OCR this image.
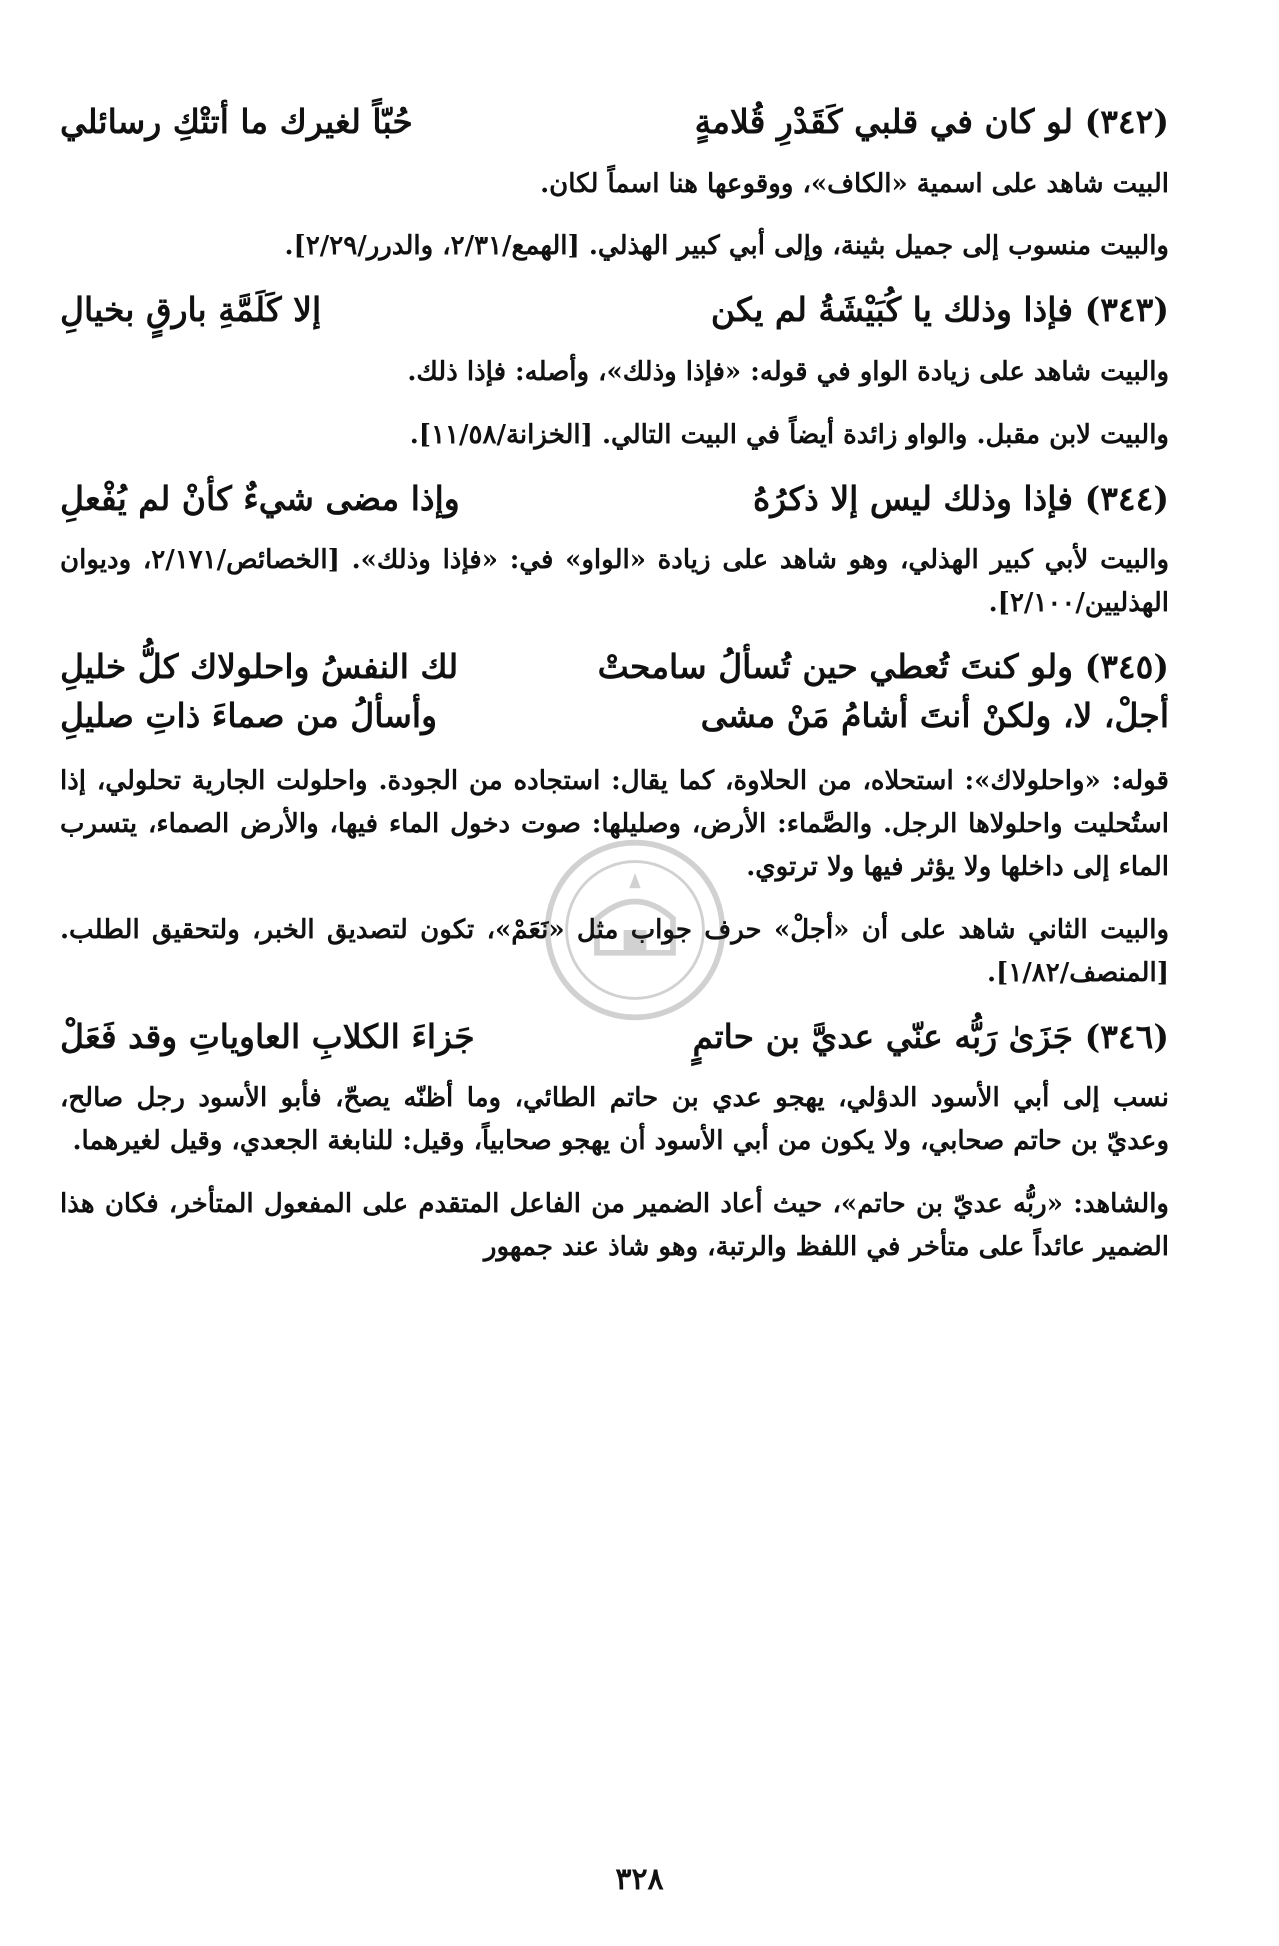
(٣٤٢) لو كان في قلبي كَقَدْرِ قُلامةٍ
حُبّاً لغيرك ما أتتْكِ رسائلي

البيت شاهد على اسمية «الكاف»، ووقوعها هنا اسماً لكان.

والبيت منسوب إلى جميل بثينة، وإلى أبي كبير الهذلي. [الهمع/٢/٣١، والدرر/٢/٢٩].

(٣٤٣) فإذا وذلك يا كُبَيْشَةُ لم يكن
إلا كَلَمَّةِ بارقٍ بخيالِ

والبيت شاهد على زيادة الواو في قوله: «فإذا وذلك»، وأصله: فإذا ذلك.

والبيت لابن مقبل. والواو زائدة أيضاً في البيت التالي. [الخزانة/١١/٥٨].

(٣٤٤) فإذا وذلك ليس إلا ذكرُهُ
وإذا مضى شيءٌ كأنْ لم يُفْعلِ

والبيت لأبي كبير الهذلي، وهو شاهد على زيادة «الواو» في: «فإذا وذلك». [الخصائص/٢/١٧١، وديوان الهذليين/٢/١٠٠].

(٣٤٥) ولو كنتَ تُعطي حين تُسألُ سامحتْ
لك النفسُ واحلولاك كلُّ خليلِ
أجلْ، لا، ولكنْ أنتَ أشامُ مَنْ مشى
وأسألُ من صماءَ ذاتِ صليلِ

قوله: «واحلولاك»: استحلاه، من الحلاوة، كما يقال: استجاده من الجودة. واحلولت الجارية تحلولي، إذا استُحليت واحلولاها الرجل. والصَّماء: الأرض، وصليلها: صوت دخول الماء فيها، والأرض الصماء، يتسرب الماء إلى داخلها ولا يؤثر فيها ولا ترتوي.

والبيت الثاني شاهد على أن «أجلْ» حرف جواب مثل «نَعَمْ»، تكون لتصديق الخبر، ولتحقيق الطلب. [المنصف/١/٨٢].

(٣٤٦) جَزَىٰ رَبُّه عنّي عديَّ بن حاتمٍ
جَزاءَ الكلابِ العاوياتِ وقد فَعَلْ

نسب إلى أبي الأسود الدؤلي، يهجو عدي بن حاتم الطائي، وما أظنّه يصحّ، فأبو الأسود رجل صالح، وعديّ بن حاتم صحابي، ولا يكون من أبي الأسود أن يهجو صحابياً، وقيل: للنابغة الجعدي، وقيل لغيرهما.

والشاهد: «ربُّه عديّ بن حاتم»، حيث أعاد الضمير من الفاعل المتقدم على المفعول المتأخر، فكان هذا الضمير عائداً على متأخر في اللفظ والرتبة، وهو شاذ عند جمهور

٣٢٨
